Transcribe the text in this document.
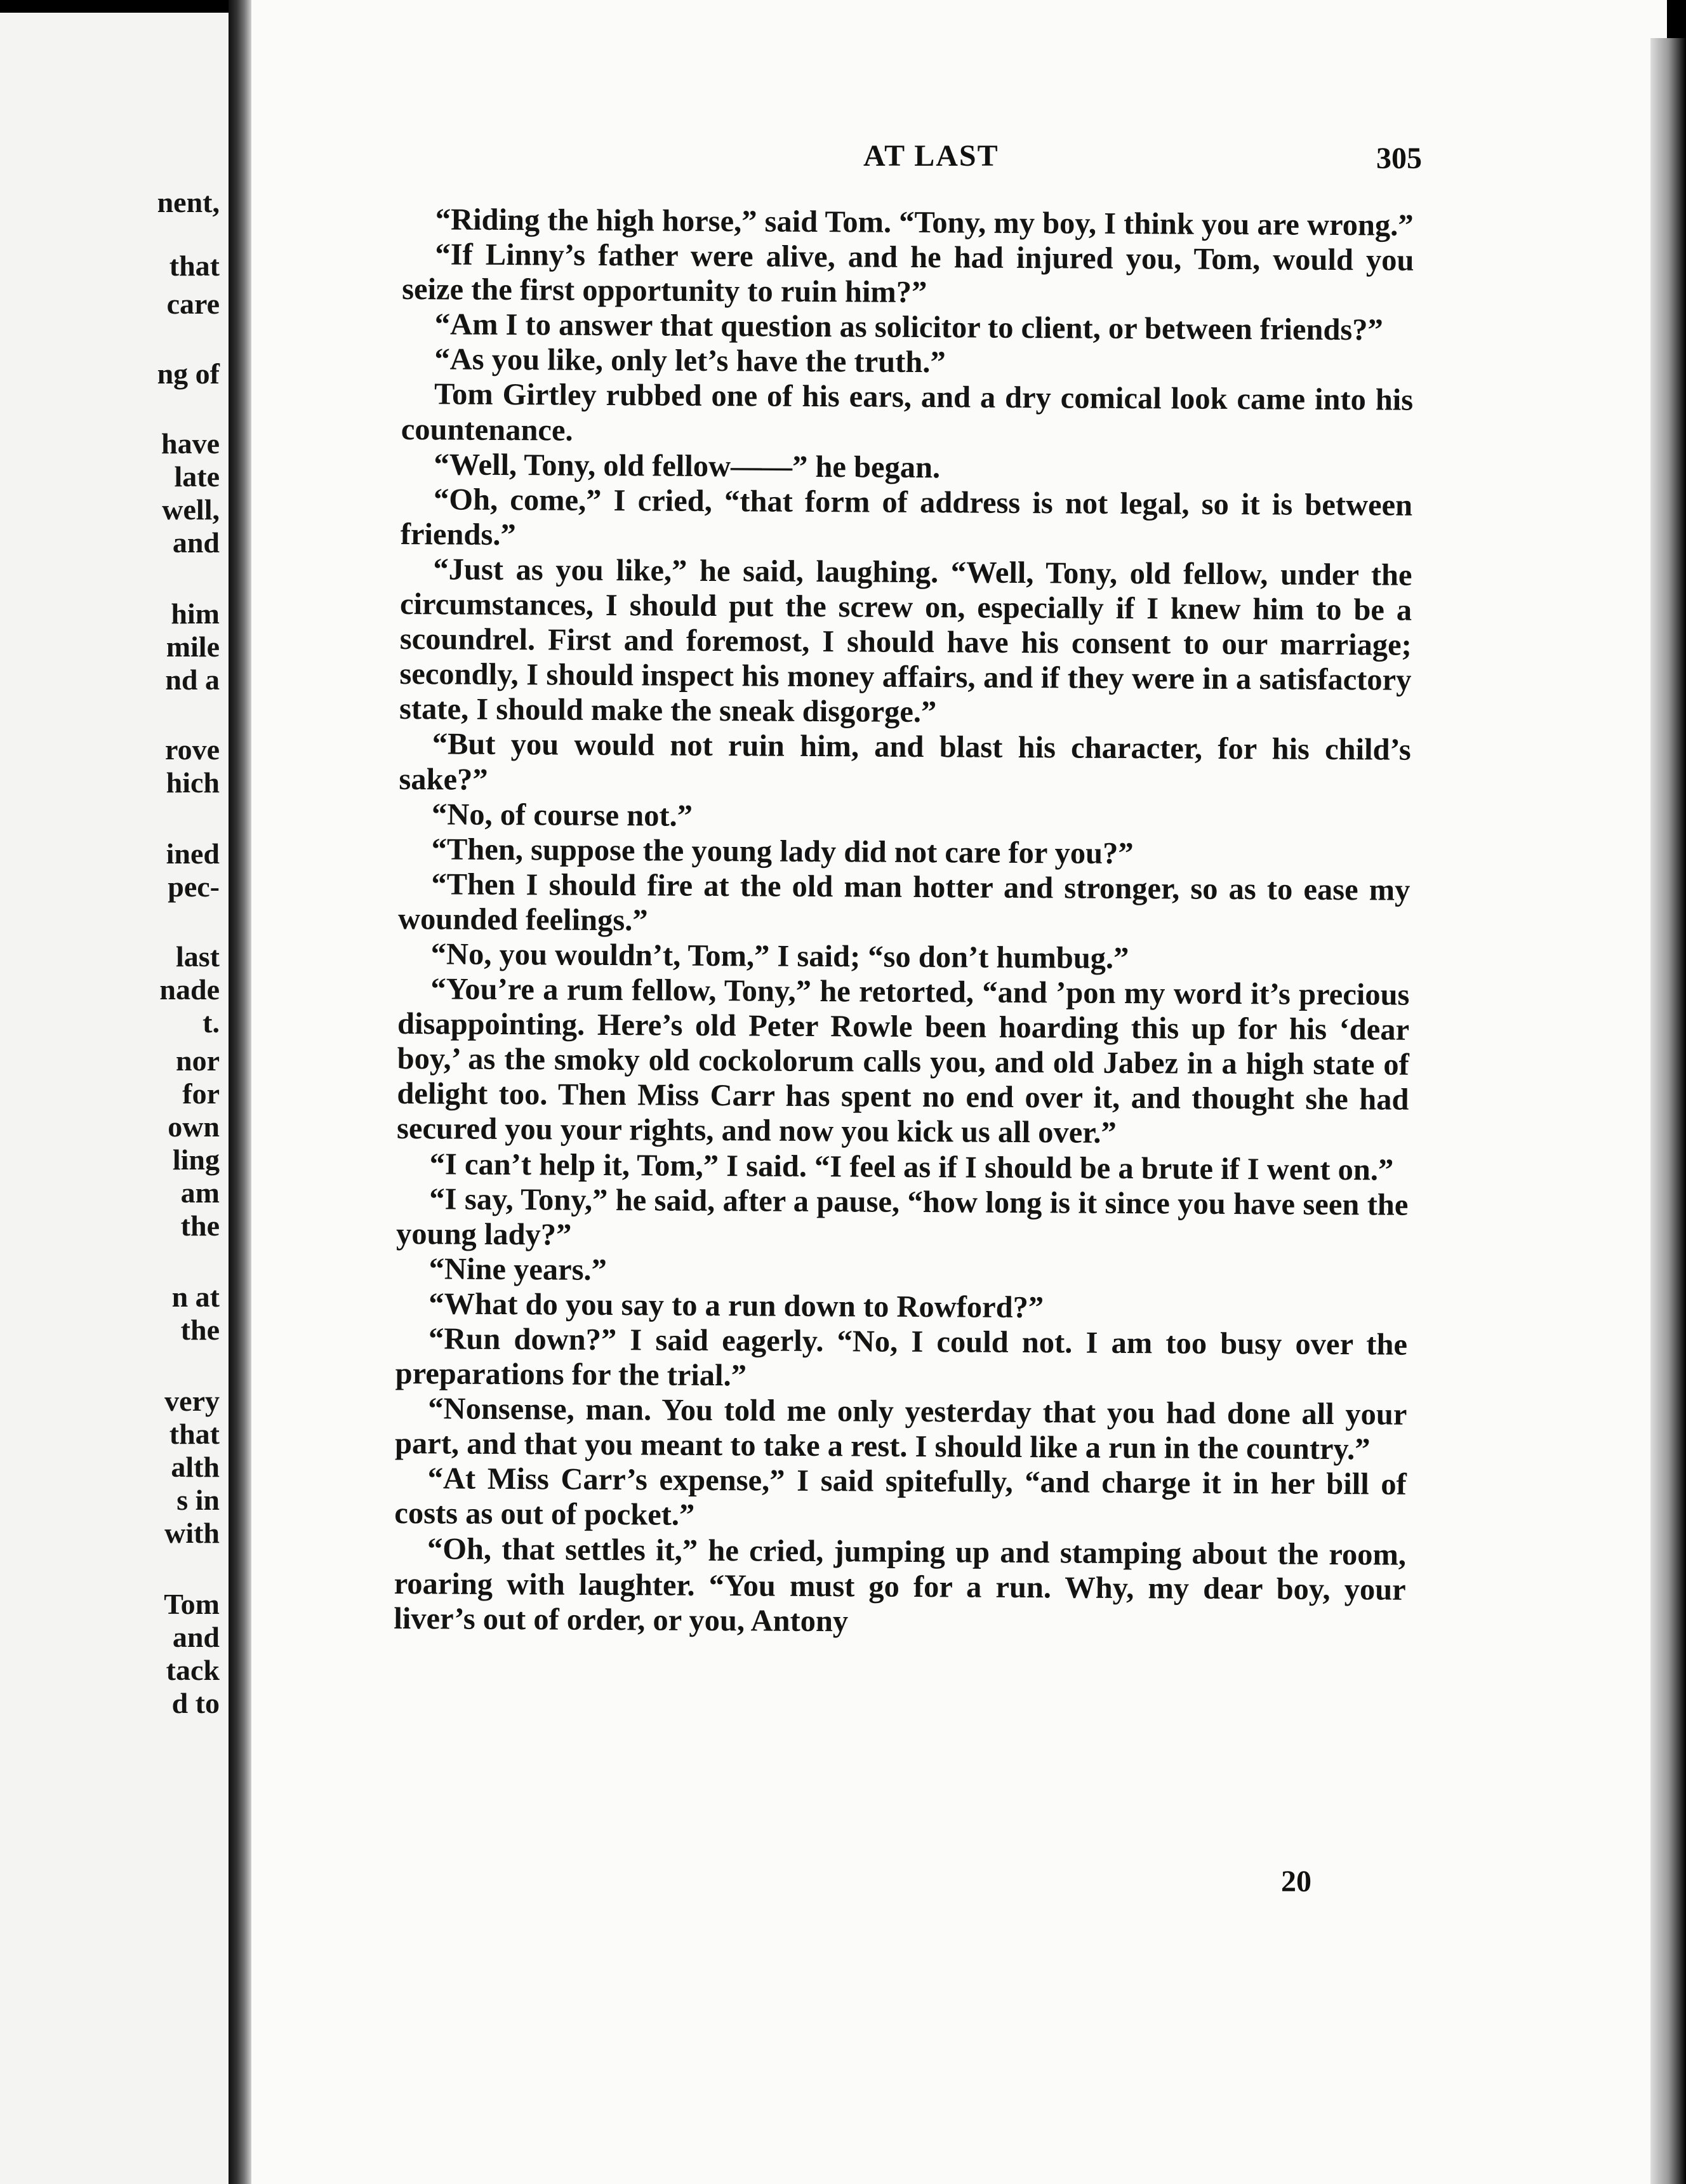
nent,
that
care
ng of
have
late
well,
and
him
mile
nd a
rove
hich
ined
pec-
last
nade
t.
nor
for
own
ling
am
the
n at
the
very
that
alth
s in
with
Tom
and
tack
d to
AT LAST	305

“Riding the high horse,” said Tom. “Tony, my boy, I think you are wrong.”

“If Linny’s father were alive, and he had injured you, Tom, would you seize the first opportunity to ruin him?”

“Am I to answer that question as solicitor to client, or between friends?”

“As you like, only let’s have the truth.”

Tom Girtley rubbed one of his ears, and a dry comical look came into his countenance.

“Well, Tony, old fellow——” he began.

“Oh, come,” I cried, “that form of address is not legal, so it is between friends.”

“Just as you like,” he said, laughing. “Well, Tony, old fellow, under the circumstances, I should put the screw on, especially if I knew him to be a scoundrel. First and foremost, I should have his consent to our marriage; secondly, I should inspect his money affairs, and if they were in a satisfactory state, I should make the sneak disgorge.”

“But you would not ruin him, and blast his character, for his child’s sake?”

“No, of course not.”

“Then, suppose the young lady did not care for you?”

“Then I should fire at the old man hotter and stronger, so as to ease my wounded feelings.”

“No, you wouldn’t, Tom,” I said; “so don’t humbug.”

“You’re a rum fellow, Tony,” he retorted, “and ’pon my word it’s precious disappointing. Here’s old Peter Rowle been hoarding this up for his ‘dear boy,’ as the smoky old cockolorum calls you, and old Jabez in a high state of delight too. Then Miss Carr has spent no end over it, and thought she had secured you your rights, and now you kick us all over.”

“I can’t help it, Tom,” I said. “I feel as if I should be a brute if I went on.”

“I say, Tony,” he said, after a pause, “how long is it since you have seen the young lady?”

“Nine years.”

“What do you say to a run down to Rowford?”

“Run down?” I said eagerly. “No, I could not. I am too busy over the preparations for the trial.”

“Nonsense, man. You told me only yesterday that you had done all your part, and that you meant to take a rest. I should like a run in the country.”

“At Miss Carr’s expense,” I said spitefully, “and charge it in her bill of costs as out of pocket.”

“Oh, that settles it,” he cried, jumping up and stamping about the room, roaring with laughter. “You must go for a run. Why, my dear boy, your liver’s out of order, or you, Antony

20
